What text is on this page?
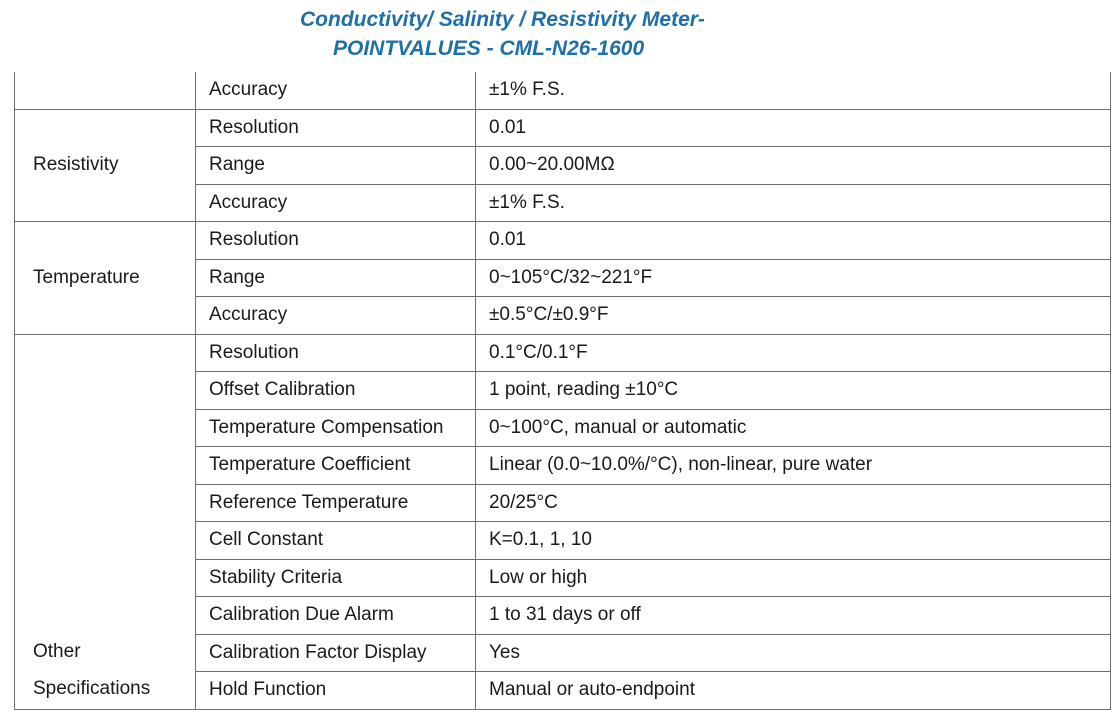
Conductivity/ Salinity / Resistivity Meter-
POINTVALUES - CML-N26-1600
	Accuracy	±1% F.S.
Resistivity	Resolution	0.01
	Range	0.00~20.00MΩ
	Accuracy	±1% F.S.
Temperature	Resolution	0.01
	Range	0~105°C/32~221°F
	Accuracy	±0.5°C/±0.9°F

Other
Specifications	Resolution	0.1°C/0.1°F
	Offset Calibration	1 point, reading ±10°C
	Temperature Compensation	0~100°C, manual or automatic
	Temperature Coefficient	Linear (0.0~10.0%/°C), non-linear, pure water
	Reference Temperature	20/25°C
	Cell Constant	K=0.1, 1, 10
	Stability Criteria	Low or high
	Calibration Due Alarm	1 to 31 days or off
	Calibration Factor Display	Yes
	Hold Function	Manual or auto-endpoint
